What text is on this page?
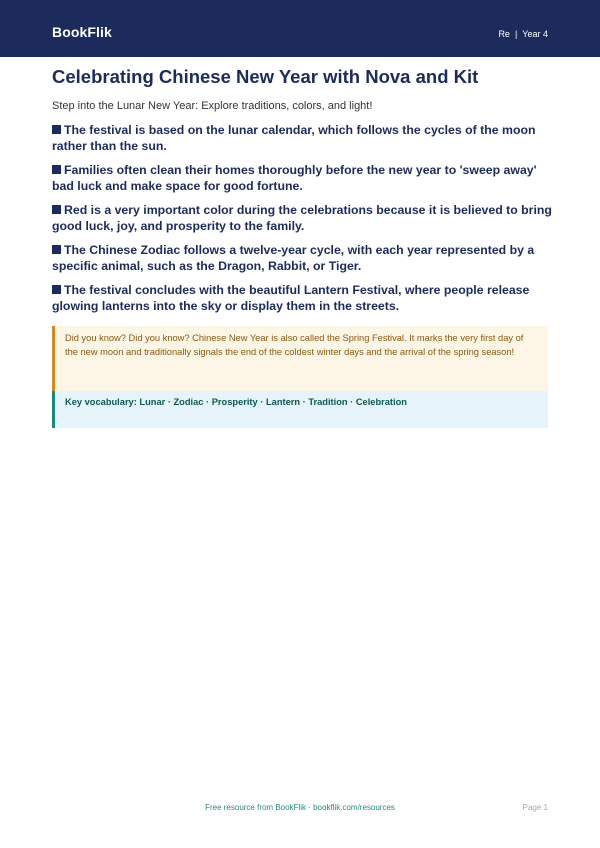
BookFlik	Re | Year 4
Celebrating Chinese New Year with Nova and Kit
Step into the Lunar New Year: Explore traditions, colors, and light!
The festival is based on the lunar calendar, which follows the cycles of the moon rather than the sun.
Families often clean their homes thoroughly before the new year to 'sweep away' bad luck and make space for good fortune.
Red is a very important color during the celebrations because it is believed to bring good luck, joy, and prosperity to the family.
The Chinese Zodiac follows a twelve-year cycle, with each year represented by a specific animal, such as the Dragon, Rabbit, or Tiger.
The festival concludes with the beautiful Lantern Festival, where people release glowing lanterns into the sky or display them in the streets.
Did you know? Did you know? Chinese New Year is also called the Spring Festival. It marks the very first day of the new moon and traditionally signals the end of the coldest winter days and the arrival of the spring season!
Key vocabulary: Lunar · Zodiac · Prosperity · Lantern · Tradition · Celebration
Free resource from BookFlik · bookflik.com/resources	Page 1
